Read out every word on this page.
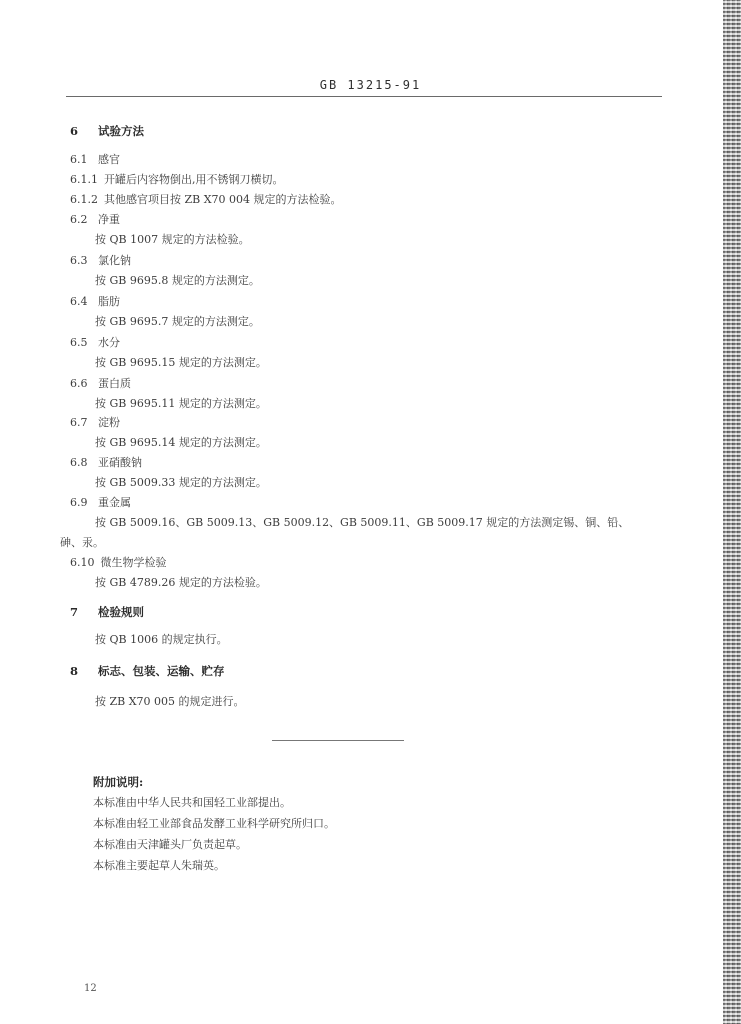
GB 13215-91
6 试验方法
6.1 感官
6.1.1 开罐后内容物倒出,用不锈钢刀横切。
6.1.2 其他感官项目按 ZB X70 004 规定的方法检验。
6.2 净重
按 QB 1007 规定的方法检验。
6.3 氯化钠
按 GB 9695.8 规定的方法测定。
6.4 脂肪
按 GB 9695.7 规定的方法测定。
6.5 水分
按 GB 9695.15 规定的方法测定。
6.6 蛋白质
按 GB 9695.11 规定的方法测定。
6.7 淀粉
按 GB 9695.14 规定的方法测定。
6.8 亚硝酸钠
按 GB 5009.33 规定的方法测定。
6.9 重金属
按 GB 5009.16、GB 5009.13、GB 5009.12、GB 5009.11、GB 5009.17 规定的方法测定锡、铜、铅、
砷、汞。
6.10 微生物学检验
按 GB 4789.26 规定的方法检验。
7 检验规则
按 QB 1006 的规定执行。
8 标志、包装、运输、贮存
按 ZB X70 005 的规定进行。
附加说明:
本标准由中华人民共和国轻工业部提出。
本标准由轻工业部食品发酵工业科学研究所归口。
本标准由天津罐头厂负责起草。
本标准主要起草人朱瑞英。
12
